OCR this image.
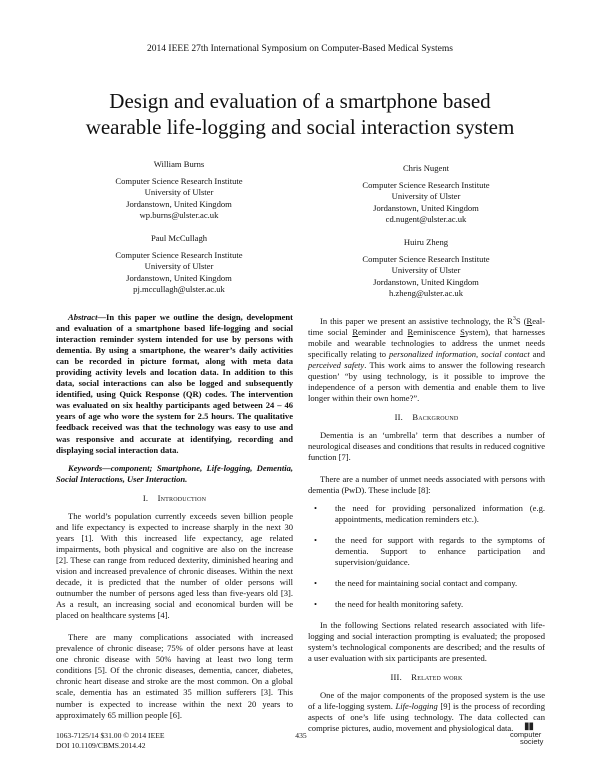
2014 IEEE 27th International Symposium on Computer-Based Medical Systems
Design and evaluation of a smartphone based
wearable life-logging and social interaction system
William Burns
Computer Science Research Institute
University of Ulster
Jordanstown, United Kingdom
wp.burns@ulster.ac.uk
Chris Nugent
Computer Science Research Institute
University of Ulster
Jordanstown, United Kingdom
cd.nugent@ulster.ac.uk
Paul McCullagh
Computer Science Research Institute
University of Ulster
Jordanstown, United Kingdom
pj.mccullagh@ulster.ac.uk
Huiru Zheng
Computer Science Research Institute
University of Ulster
Jordanstown, United Kingdom
h.zheng@ulster.ac.uk

Abstract—In this paper we outline the design, development and evaluation of a smartphone based life-logging and social interaction reminder system intended for use by persons with dementia. By using a smartphone, the wearer’s daily activities can be recorded in picture format, along with meta data providing activity levels and location data. In addition to this data, social interactions can also be logged and subsequently identified, using Quick Response (QR) codes. The intervention was evaluated on six healthy participants aged between 24 – 46 years of age who wore the system for 2.5 hours. The qualitative feedback received was that the technology was easy to use and was responsive and accurate at identifying, recording and displaying social interaction data.

Keywords—component; Smartphone, Life-logging, Dementia, Social Interactions, User Interaction.

I. Introduction

The world’s population currently exceeds seven billion people and life expectancy is expected to increase sharply in the next 30 years [1]. With this increased life expectancy, age related impairments, both physical and cognitive are also on the increase [2]. These can range from reduced dexterity, diminished hearing and vision and increased prevalence of chronic diseases. Within the next decade, it is predicted that the number of older persons will outnumber the number of persons aged less than five-years old [3]. As a result, an increasing social and economical burden will be placed on healthcare systems [4].

There are many complications associated with increased prevalence of chronic disease; 75% of older persons have at least one chronic disease with 50% having at least two long term conditions [5]. Of the chronic diseases, dementia, cancer, diabetes, chronic heart disease and stroke are the most common. On a global scale, dementia has an estimated 35 million sufferers [3]. This number is expected to increase within the next 20 years to approximately 65 million people [6].

In this paper we present an assistive technology, the $R^3S$ (Real-time social Reminder and Reminiscence System), that harnesses mobile and wearable technologies to address the unmet needs specifically relating to personalized information, social contact and perceived safety. This work aims to answer the following research question’ “by using technology, is it possible to improve the independence of a person with dementia and enable them to live longer within their own home?”.

II. Background

Dementia is an ‘umbrella’ term that describes a number of neurological diseases and conditions that results in reduced cognitive function [7].

There are a number of unmet needs associated with persons with dementia (PwD). These include [8]:

• the need for providing personalized information (e.g. appointments, medication reminders etc.).
• the need for support with regards to the symptoms of dementia. Support to enhance participation and supervision/guidance.
• the need for maintaining social contact and company.
• the need for health monitoring safety.

In the following Sections related research associated with life-logging and social interaction prompting is evaluated; the proposed system’s technological components are described; and the results of a user evaluation with six participants are presented.

III. Related work

One of the major components of the proposed system is the use of a life-logging system. Life-logging [9] is the process of recording aspects of one’s life using technology. The data collected can comprise pictures, audio, movement and physiological data.

1063-7125/14 $31.00 © 2014 IEEE
DOI 10.1109/CBMS.2014.42
435
▮▮
computer
society
